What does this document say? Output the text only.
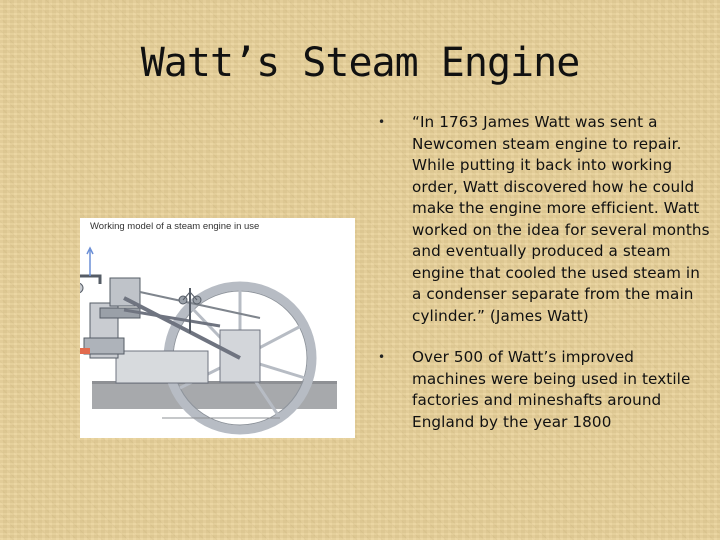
Watt’s Steam Engine
Working model of a steam engine in use
•	“In 1763 James Watt was sent a Newcomen steam engine to repair. While putting it back into working order, Watt discovered how he could make the engine more efficient. Watt worked on the idea for several months and eventually produced a steam engine that cooled the used steam in a condenser separate from the main cylinder.” (James Watt)
•	Over 500 of Watt’s improved machines were being used in textile factories and mineshafts around England by the year 1800
